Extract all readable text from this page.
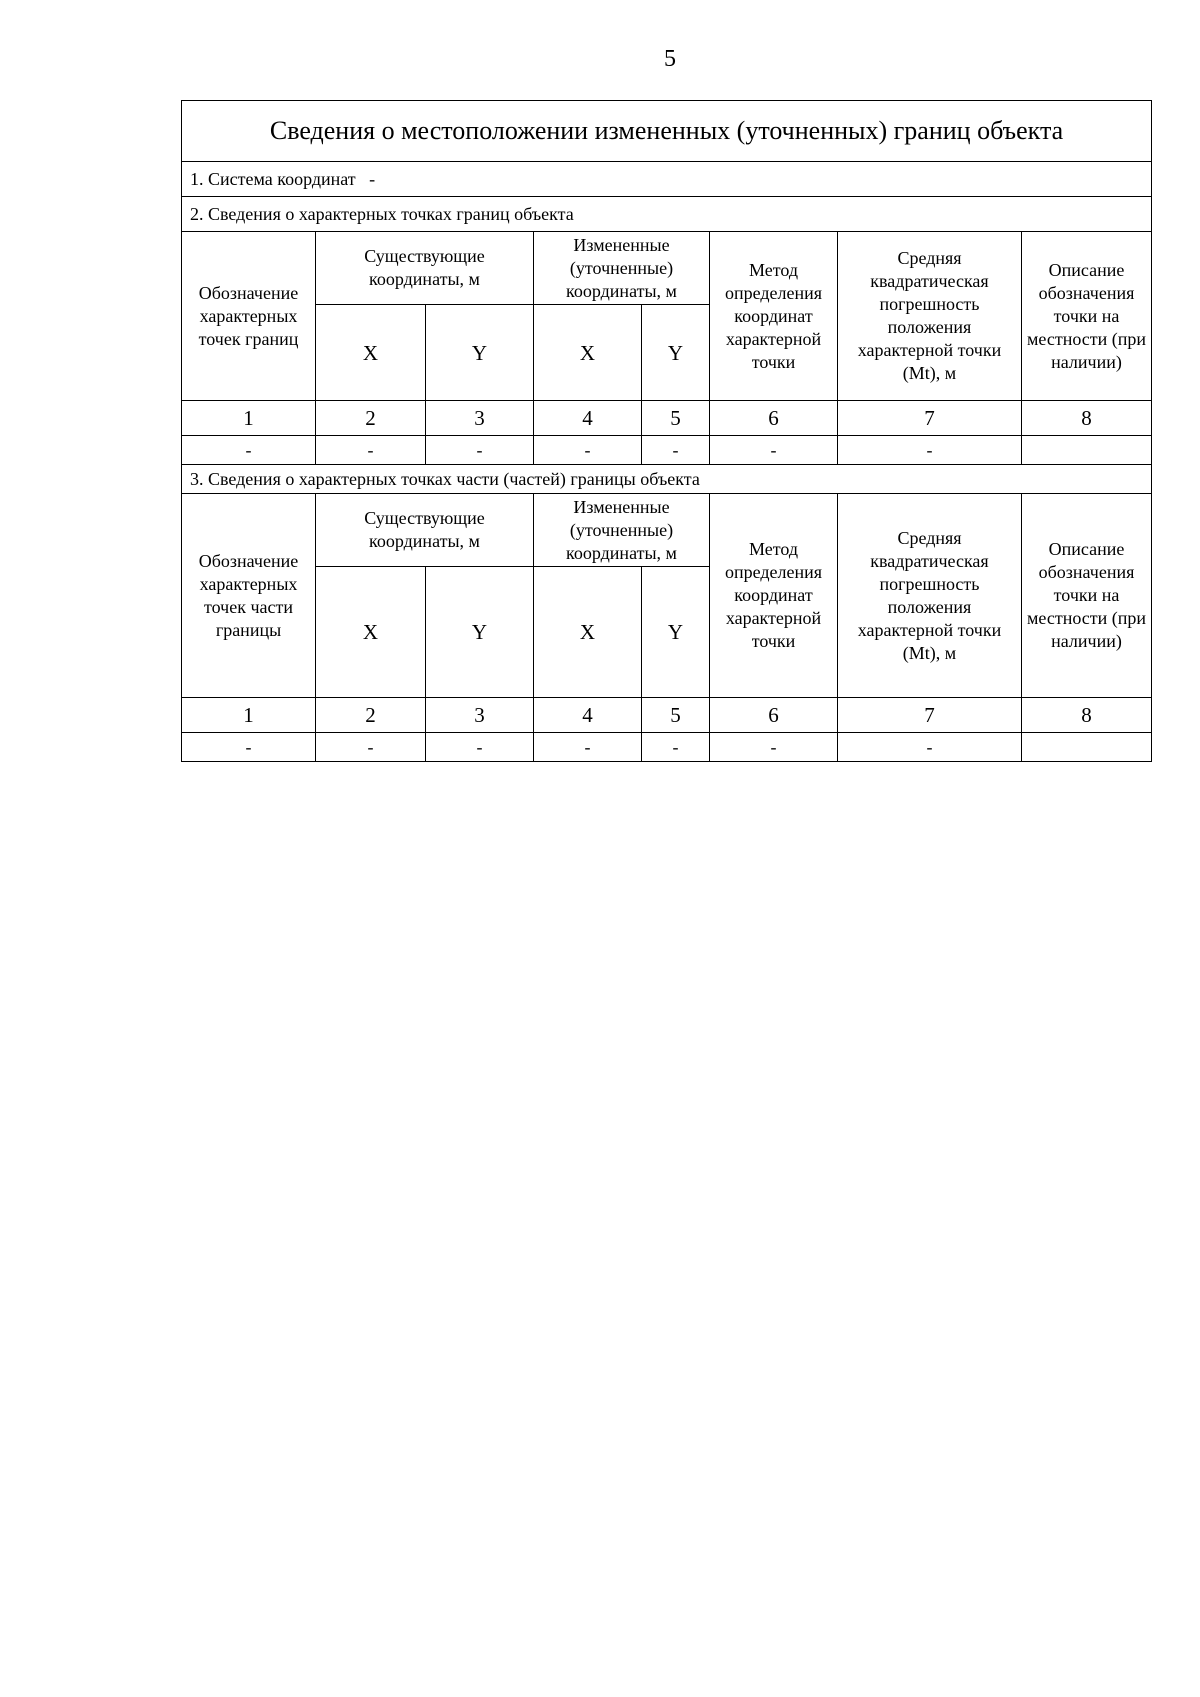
5
Сведения о местоположении измененных (уточненных) границ объекта							
1. Система координат -							
2. Сведения о характерных точках границ объекта							
Обозначение характерных точек границ	Существующие координаты, м		Измененные (уточненные) координаты, м		Метод определения координат характерной точки	Средняя квадратическая погрешность положения характерной точки (Mt), м	Описание обозначения точки на местности (при наличии)
	X	Y	X	Y			
1	2	3	4	5	6	7	8
-	-	-	-	-	-	-	
3. Сведения о характерных точках части (частей) границы объекта							
Обозначение характерных точек части границы	Существующие координаты, м		Измененные (уточненные) координаты, м		Метод определения координат характерной точки	Средняя квадратическая погрешность положения характерной точки (Mt), м	Описание обозначения точки на местности (при наличии)
	X	Y	X	Y			
1	2	3	4	5	6	7	8
-	-	-	-	-	-	-	
